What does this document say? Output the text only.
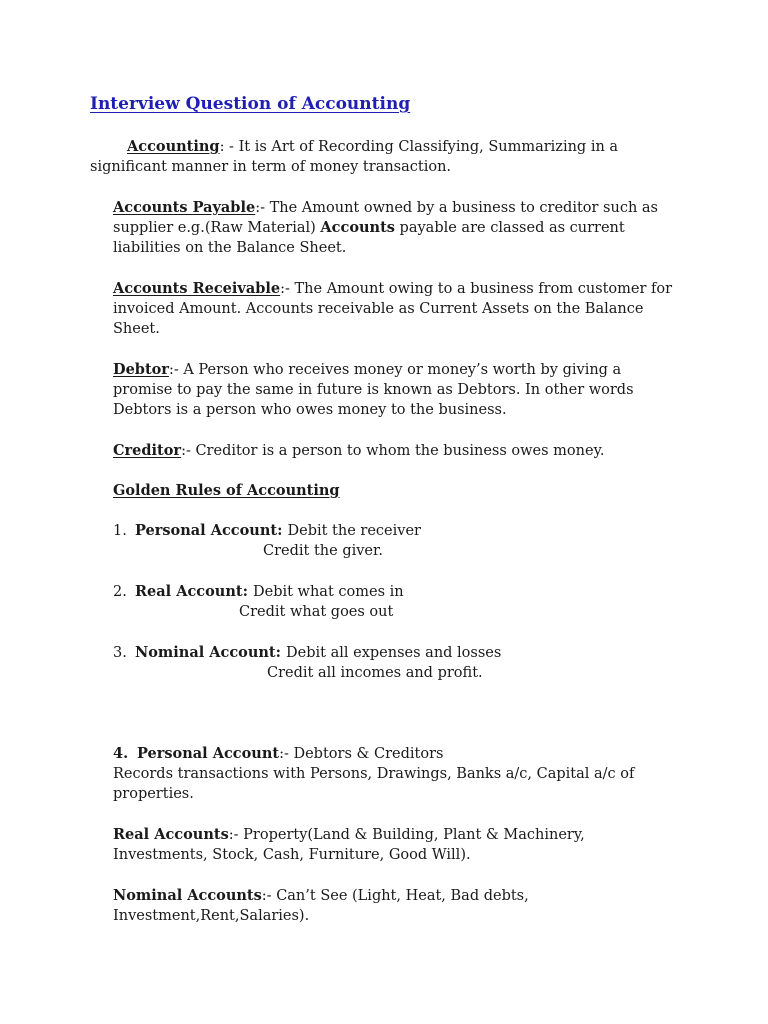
Interview Question of Accounting
Accounting: - It is Art of Recording Classifying, Summarizing in a
significant manner in term of money transaction.
Accounts Payable:- The Amount owned by a business to creditor such as
supplier e.g.(Raw Material) Accounts payable are classed as current
liabilities on the Balance Sheet.
Accounts Receivable:- The Amount owing to a business from customer for
invoiced Amount. Accounts receivable as Current Assets on the Balance
Sheet.
Debtor:- A Person who receives money or money’s worth by giving a
promise to pay the same in future is known as Debtors. In other words
Debtors is a person who owes money to the business.
Creditor:- Creditor is a person to whom the business owes money.
Golden Rules of Accounting
1. Personal Account: Debit the receiver
Credit the giver.
2. Real Account: Debit what comes in
Credit what goes out
3. Nominal Account: Debit all expenses and losses
Credit all incomes and profit.
4. Personal Account:- Debtors & Creditors
Records transactions with Persons, Drawings, Banks a/c, Capital a/c of
properties.
Real Accounts:- Property(Land & Building, Plant & Machinery,
Investments, Stock, Cash, Furniture, Good Will).
Nominal Accounts:- Can’t See (Light, Heat, Bad debts,
Investment,Rent,Salaries).
